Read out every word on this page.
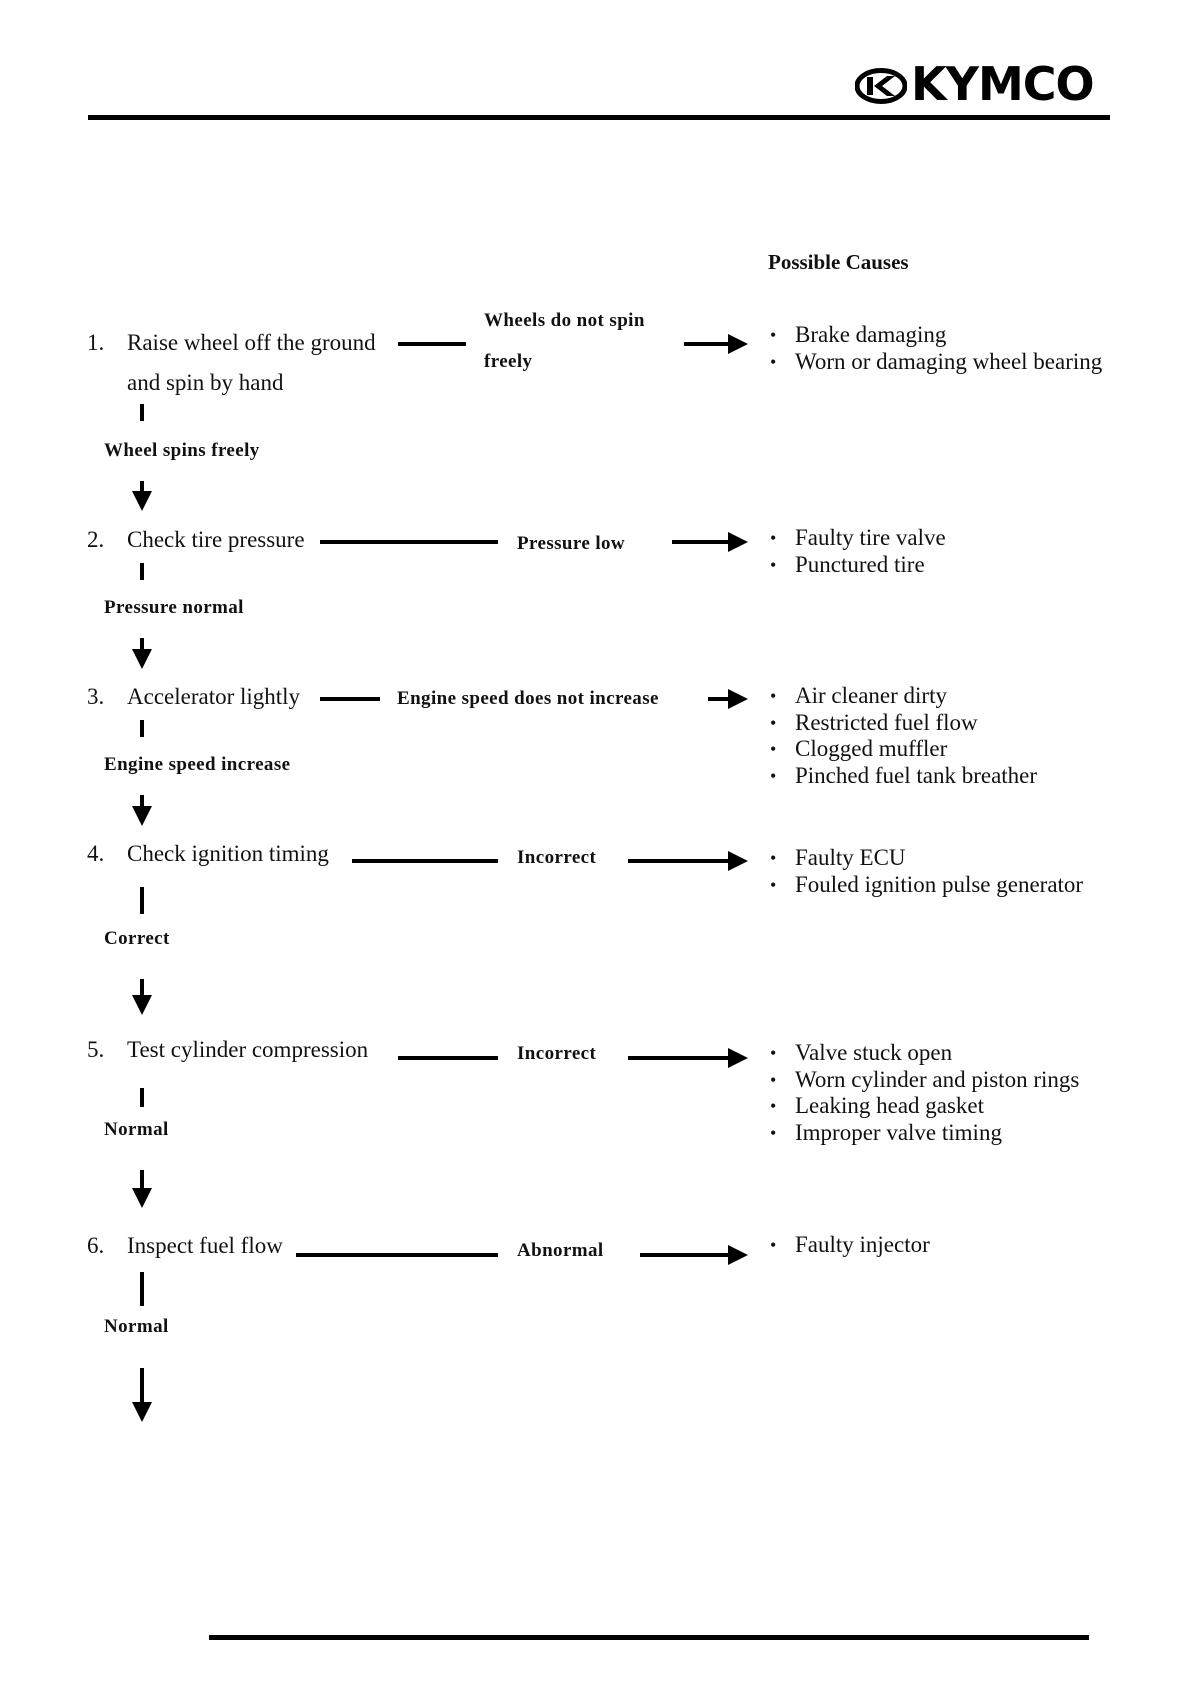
KYMCO
Possible Causes
1. Raise wheel off the ground
and spin by hand
Wheels do not spin
freely
Wheel spins freely
• Brake damaging
• Worn or damaging wheel bearing
2. Check tire pressure	Pressure low
Pressure normal
• Faulty tire valve
• Punctured tire
3. Accelerator lightly	Engine speed does not increase
Engine speed increase
• Air cleaner dirty
• Restricted fuel flow
• Clogged muffler
• Pinched fuel tank breather
4. Check ignition timing	Incorrect
Correct
• Faulty ECU
• Fouled ignition pulse generator
5. Test cylinder compression	Incorrect
Normal
• Valve stuck open
• Worn cylinder and piston rings
• Leaking head gasket
• Improper valve timing
6. Inspect fuel flow	Abnormal
Normal
• Faulty injector
